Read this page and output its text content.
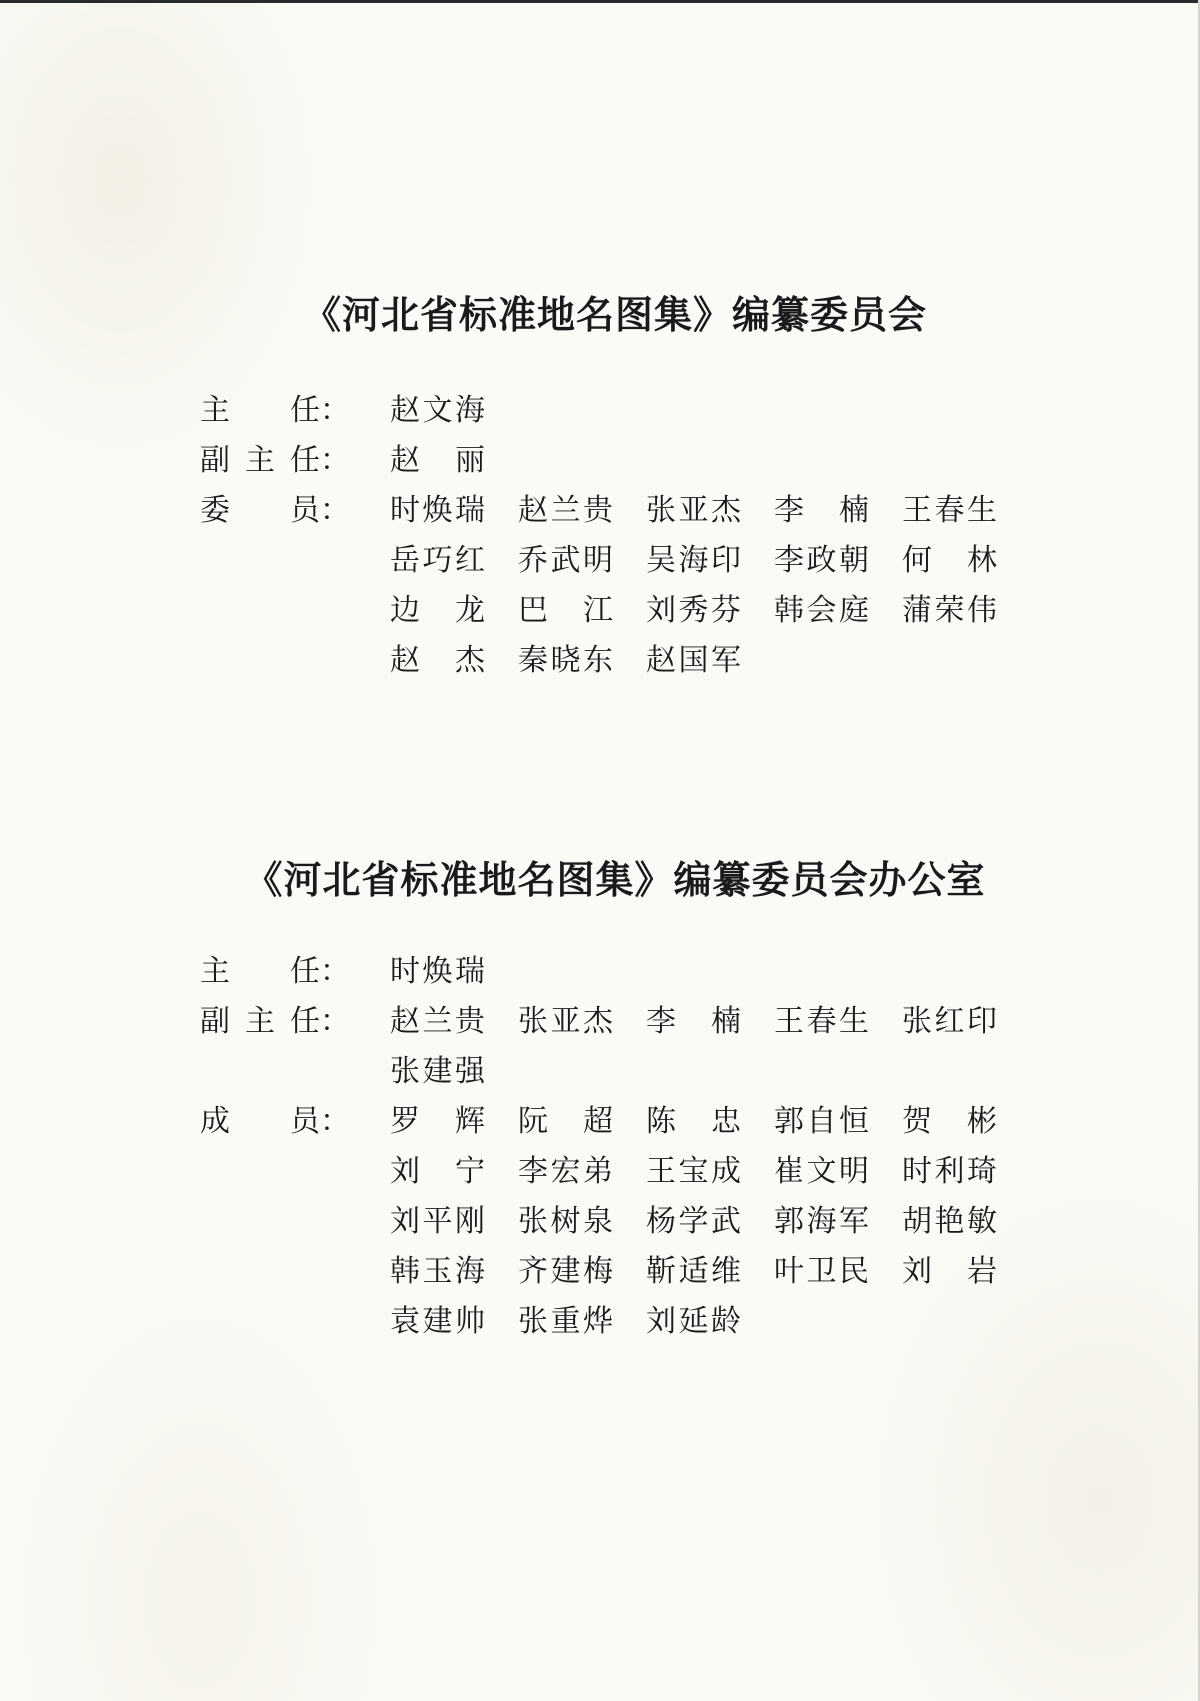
《河北省标准地名图集》编纂委员会
主 任： 赵 文 海
副 主 任： 赵 丽
委 员： 时 焕 瑞 赵 兰 贵 张 亚 杰 李 楠 王 春 生
岳 巧 红 乔 武 明 吴 海 印 李 政 朝 何 林
边 龙 巴 江 刘 秀 芬 韩 会 庭 蒲 荣 伟
赵 杰 秦 晓 东 赵 国 军
《河北省标准地名图集》编纂委员会办公室
主 任： 时 焕 瑞
副 主 任： 赵 兰 贵 张 亚 杰 李 楠 王 春 生 张 红 印
张 建 强
成 员： 罗 辉 阮 超 陈 忠 郭 自 恒 贺 彬
刘 宁 李 宏 弟 王 宝 成 崔 文 明 时 利 琦
刘 平 刚 张 树 泉 杨 学 武 郭 海 军 胡 艳 敏
韩 玉 海 齐 建 梅 靳 适 维 叶 卫 民 刘 岩
袁 建 帅 张 重 烨 刘 延 龄
